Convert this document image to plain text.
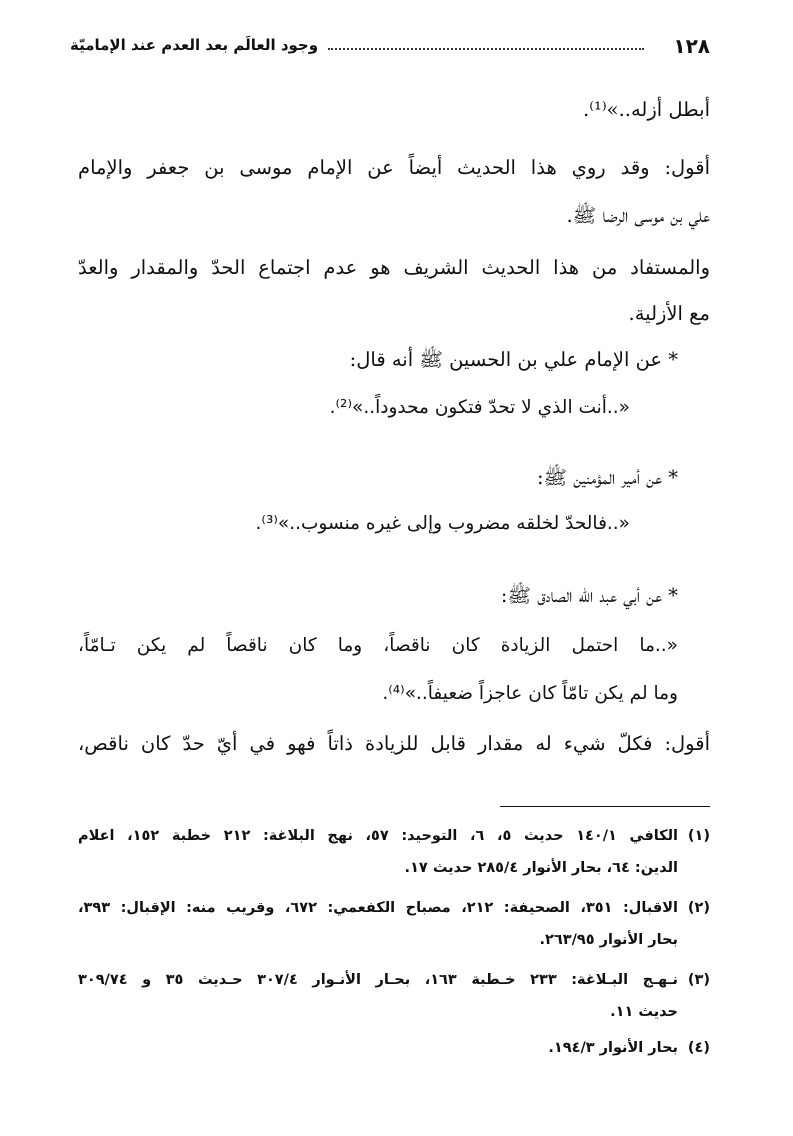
١٢٨
وجود العالَم بعد العدم عند الإماميّة
أبطل أزله..»⁽¹⁾.
أقول: وقد روي هذا الحديث أيضاً عن الإمام موسى بن جعفر والإمام
علي بن موسى الرضا ﷺ.
والمستفاد من هذا الحديث الشريف هو عدم اجتماع الحدّ والمقدار والعدّ
مع الأزلية.
* عن الإمام علي بن الحسين ﷺ أنه قال:
«..أنت الذي لا تحدّ فتكون محدوداً..»⁽²⁾.
* عن أمير المؤمنين ﷺ:
«..فالحدّ لخلقه مضروب وإلى غيره منسوب..»⁽³⁾.
* عن أبي عبد الله الصادق ﷺ:
«..ما احتمل الزيادة كان ناقصاً، وما كان ناقصاً لم يكن تـامّاً،
وما لم يكن تامّاً كان عاجزاً ضعيفاً..»⁽⁴⁾.
أقول: فكلّ شيء له مقدار قابل للزيادة ذاتاً فهو في أيّ حدّ كان ناقص،
(١)الكافي ١٤٠/١ حديث ٥، ٦، التوحيد: ٥٧، نهج البلاغة: ٢١٢ خطبة ١٥٢، اعلام
الدين: ٦٤، بحار الأنوار ٢٨٥/٤ حديث ١٧.
(٢)الاقبال: ٣٥١، الصحيفة: ٢١٢، مصباح الكفعمي: ٦٧٢، وقريب منه: الإقبال: ٣٩٣،
بحار الأنوار ٢٦٣/٩٥.
(٣)نـهـج البـلاغة: ٢٣٣ خـطبة ١٦٣، بحـار الأنـوار ٣٠٧/٤ حـديث ٣٥ و ٣٠٩/٧٤
حديث ١١.
(٤)بحار الأنوار ١٩٤/٣.
